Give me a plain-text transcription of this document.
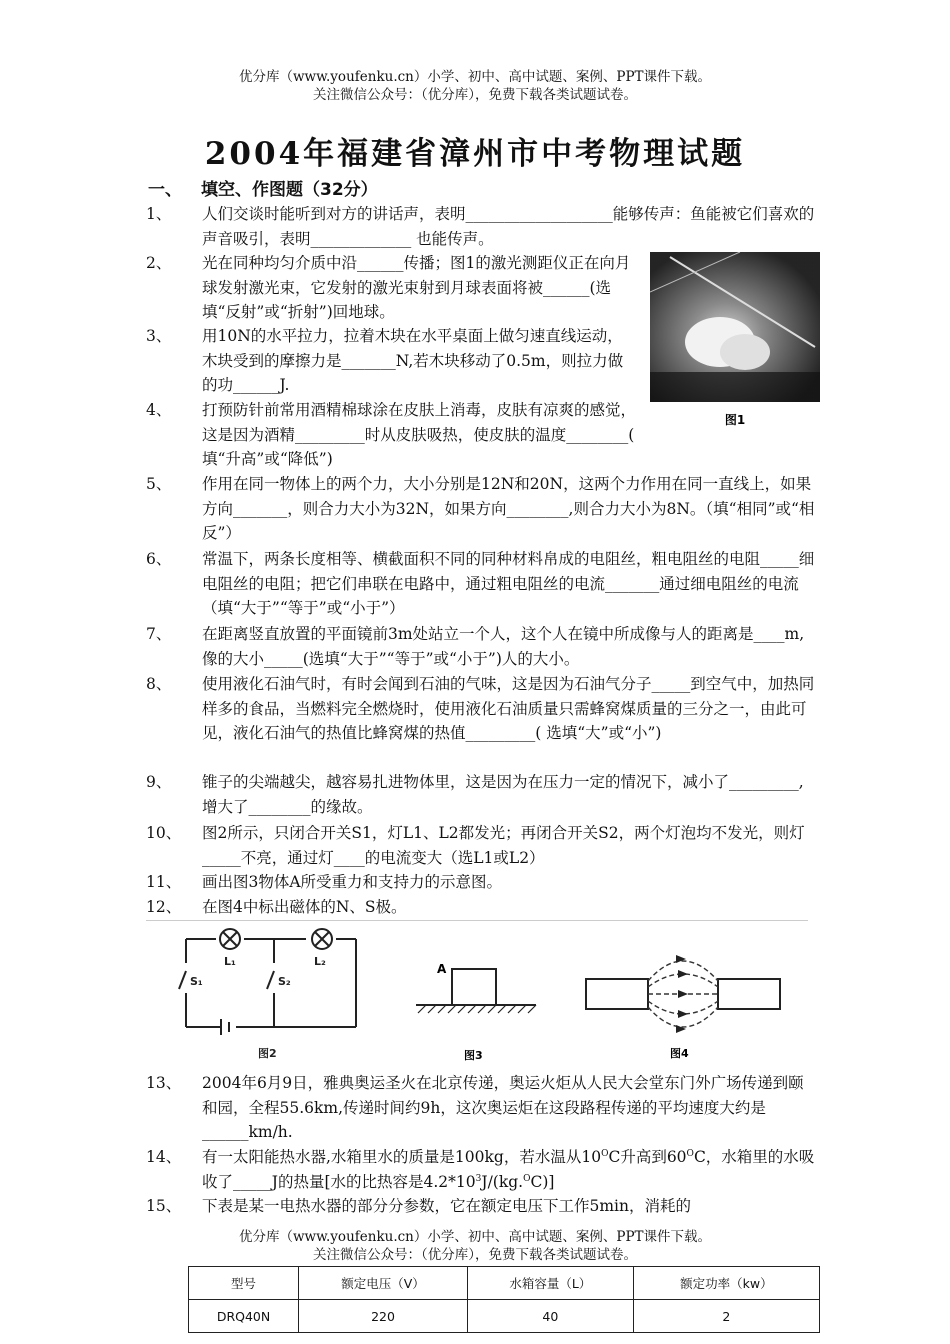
优分库（www.youfenku.cn）小学、初中、高中试题、案例、PPT课件下载。
关注微信公众号：（优分库），免费下载各类试题试卷。
2004年福建省漳州市中考物理试题
一、 填空、作图题（32分）
1、	人们交谈时能听到对方的讲话声，表明___________________能够传声：鱼能被它们喜欢的声音吸引，表明_____________ 也能传声。
2、	光在同种均匀介质中沿______传播；图1的激光测距仪正在向月球发射激光束，它发射的激光束射到月球表面将被______(选填“反射”或“折射”)回地球。
3、	用10N的水平拉力，拉着木块在水平桌面上做匀速直线运动，木块受到的摩擦力是_______N,若木块移动了0.5m，则拉力做的功______J.
4、	打预防针前常用酒精棉球涂在皮肤上消毒，皮肤有凉爽的感觉，这是因为酒精_________时从皮肤吸热，使皮肤的温度________( 填“升高”或“降低”)
5、	作用在同一物体上的两个力，大小分别是12N和20N，这两个力作用在同一直线上，如果方向_______，则合力大小为32N，如果方向________,则合力大小为8N。（填“相同”或“相反”）
6、	常温下，两条长度相等、横截面积不同的同种材料帛成的电阻丝，粗电阻丝的电阻_____细电阻丝的电阻；把它们串联在电路中，通过粗电阻丝的电流_______通过细电阻丝的电流（填“大于”“等于”或“小于”）
7、	在距离竖直放置的平面镜前3m处站立一个人，这个人在镜中所成像与人的距离是____m,像的大小_____(选填“大于”“等于”或“小于”)人的大小。
8、	使用液化石油气时，有时会闻到石油的气味，这是因为石油气分子_____到空气中，加热同样多的食品，当燃料完全燃烧时，使用液化石油质量只需蜂窝煤质量的三分之一，由此可见，液化石油气的热值比蜂窝煤的热值_________( 选填“大”或“小”)
9、	锥子的尖端越尖，越容易扎进物体里，这是因为在压力一定的情况下，减小了_________,增大了________的缘故。
10、	图2所示，只闭合开关S1，灯L1、L2都发光；再闭合开关S2，两个灯泡均不发光，则灯_____不亮，通过灯____的电流变大（选L1或L2）
11、	画出图3物体A所受重力和支持力的示意图。
12、	在图4中标出磁体的N、S极。
图1
L₁	L₂
S₁	S₂
图2
A
图3	图4
13、	2004年6月9日，雅典奥运圣火在北京传递，奥运火炬从人民大会堂东门外广场传递到颐和园，全程55.6km,传递时间约9h，这次奥运炬在这段路程传递的平均速度大约是______km/h.
14、	有一太阳能热水器,水箱里水的质量是100kg，若水温从$10^OC$升高到$60^OC$，水箱里的水吸收了_____J的热量[水的比热容是$4.2*10^3J/(kg.^OC)$]
15、	下表是某一电热水器的部分分参数，它在额定电压下工作5min，消耗的
优分库（www.youfenku.cn）小学、初中、高中试题、案例、PPT课件下载。
关注微信公众号：（优分库），免费下载各类试题试卷。
型号	额定电压（V）	水箱容量（L）	额定功率（kw）
DRQ40N	220	40	2
